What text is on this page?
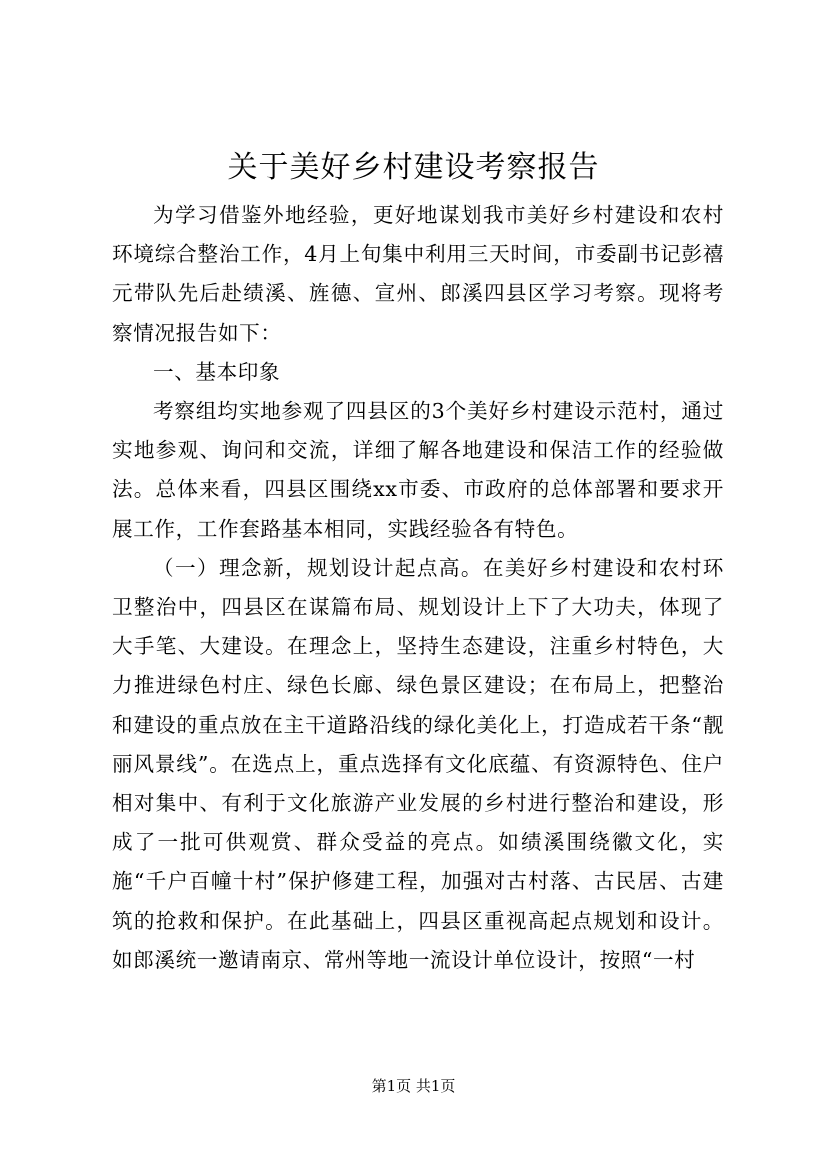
关于美好乡村建设考察报告

为学习借鉴外地经验，更好地谋划我市美好乡村建设和农村环境综合整治工作，4月上旬集中利用三天时间，市委副书记彭禧元带队先后赴绩溪、旌德、宣州、郎溪四县区学习考察。现将考察情况报告如下：

一、基本印象

考察组均实地参观了四县区的3个美好乡村建设示范村，通过实地参观、询问和交流，详细了解各地建设和保洁工作的经验做法。总体来看，四县区围绕xx市委、市政府的总体部署和要求开展工作，工作套路基本相同，实践经验各有特色。

（一）理念新，规划设计起点高。在美好乡村建设和农村环卫整治中，四县区在谋篇布局、规划设计上下了大功夫，体现了大手笔、大建设。在理念上，坚持生态建设，注重乡村特色，大力推进绿色村庄、绿色长廊、绿色景区建设；在布局上，把整治和建设的重点放在主干道路沿线的绿化美化上，打造成若干条“靓丽风景线”。在选点上，重点选择有文化底蕴、有资源特色、住户相对集中、有利于文化旅游产业发展的乡村进行整治和建设，形成了一批可供观赏、群众受益的亮点。如绩溪围绕徽文化，实施“千户百幢十村”保护修建工程，加强对古村落、古民居、古建筑的抢救和保护。在此基础上，四县区重视高起点规划和设计。如郎溪统一邀请南京、常州等地一流设计单位设计，按照“一村

第1页 共1页
